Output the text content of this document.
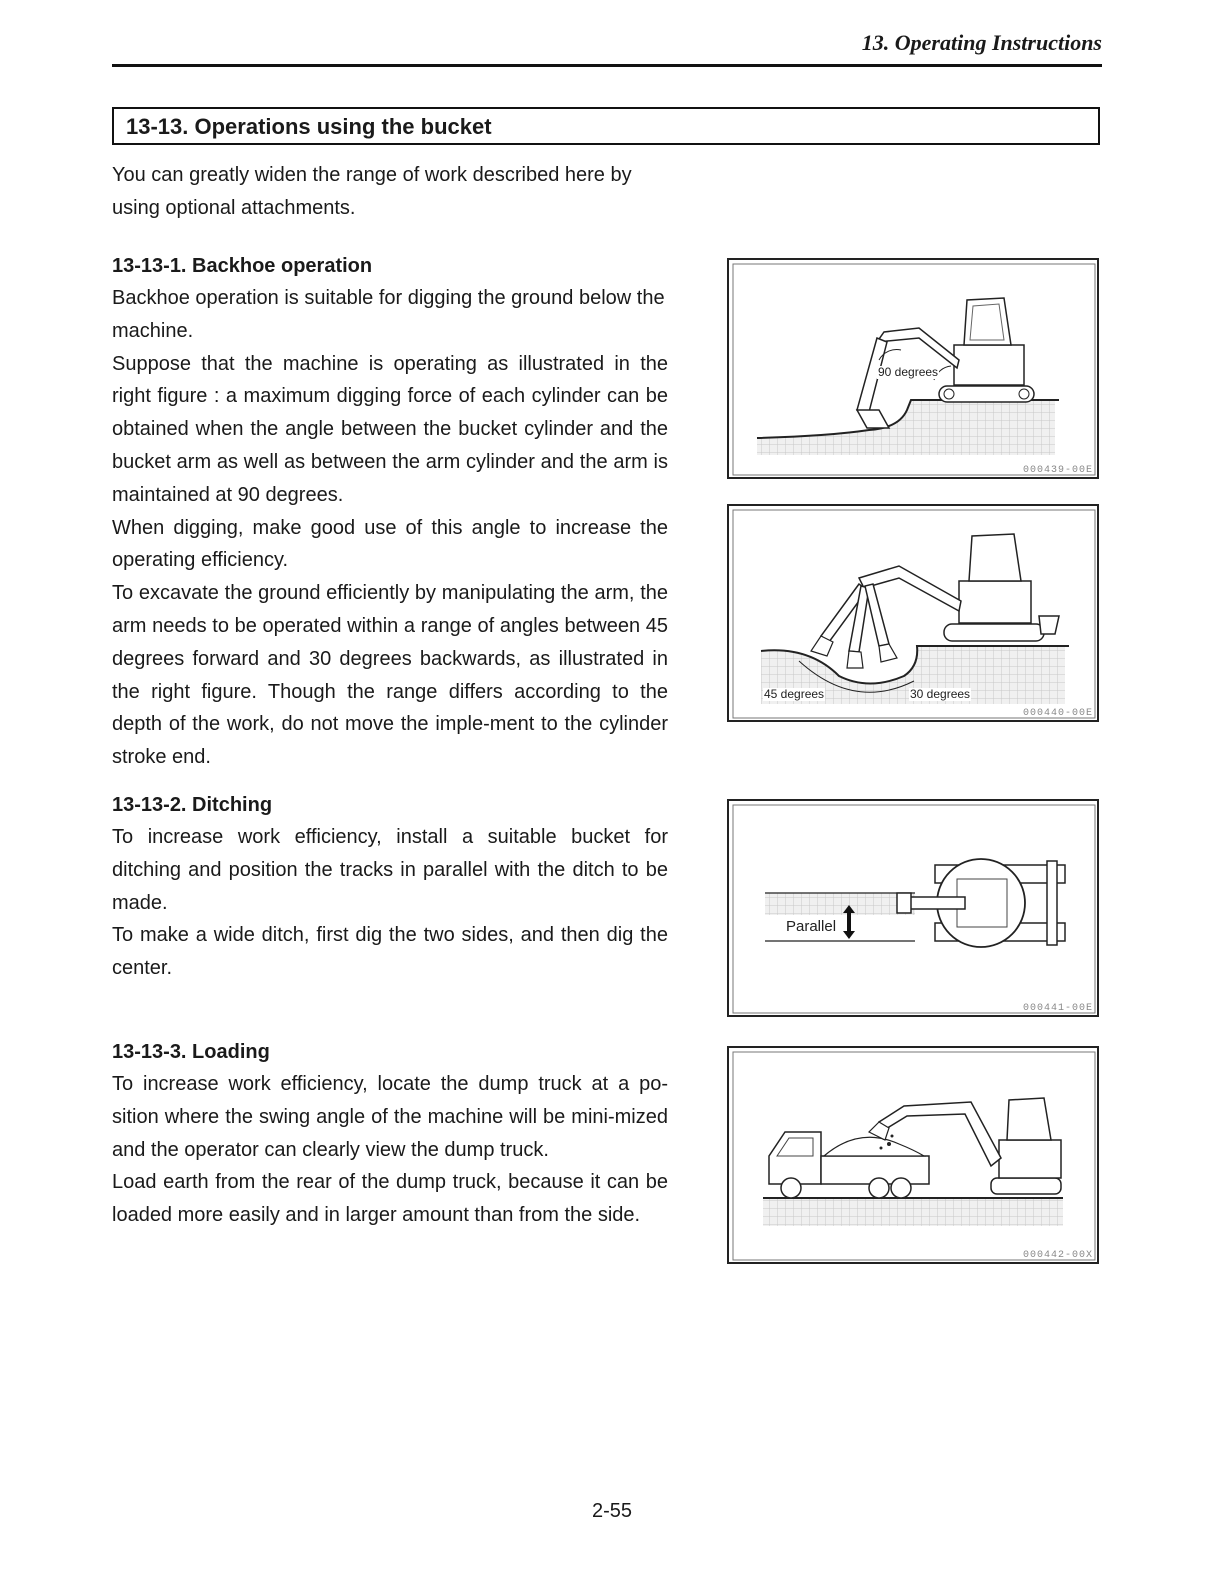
13. Operating Instructions
13-13. Operations using the bucket

You can greatly widen the range of work described here by using optional attachments.

13-13-1. Backhoe operation

Backhoe operation is suitable for digging the ground below the machine.

Suppose that the machine is operating as illustrated in the right figure : a maximum digging force of each cylinder can be obtained when the angle between the bucket cylinder and the bucket arm as well as between the arm cylinder and the arm is maintained at 90 degrees.

When digging, make good use of this angle to increase the operating efficiency.

To excavate the ground efficiently by manipulating the arm, the arm needs to be operated within a range of angles between 45 degrees forward and 30 degrees backwards, as illustrated in the right figure. Though the range differs according to the depth of the work, do not move the imple-ment to the cylinder stroke end.

13-13-2. Ditching

To increase work efficiency, install a suitable bucket for ditching and position the tracks in parallel with the ditch to be made.

To make a wide ditch, first dig the two sides, and then dig the center.

13-13-3. Loading

To increase work efficiency, locate the dump truck at a po-sition where the swing angle of the machine will be mini-mized and the operator can clearly view the dump truck.

Load earth from the rear of the dump truck, because it can be loaded more easily and in larger amount than from the side.

90 degrees
000439-00E
45 degrees	30 degrees
000440-00E
Parallel
000441-00E
000442-00X
2-55
